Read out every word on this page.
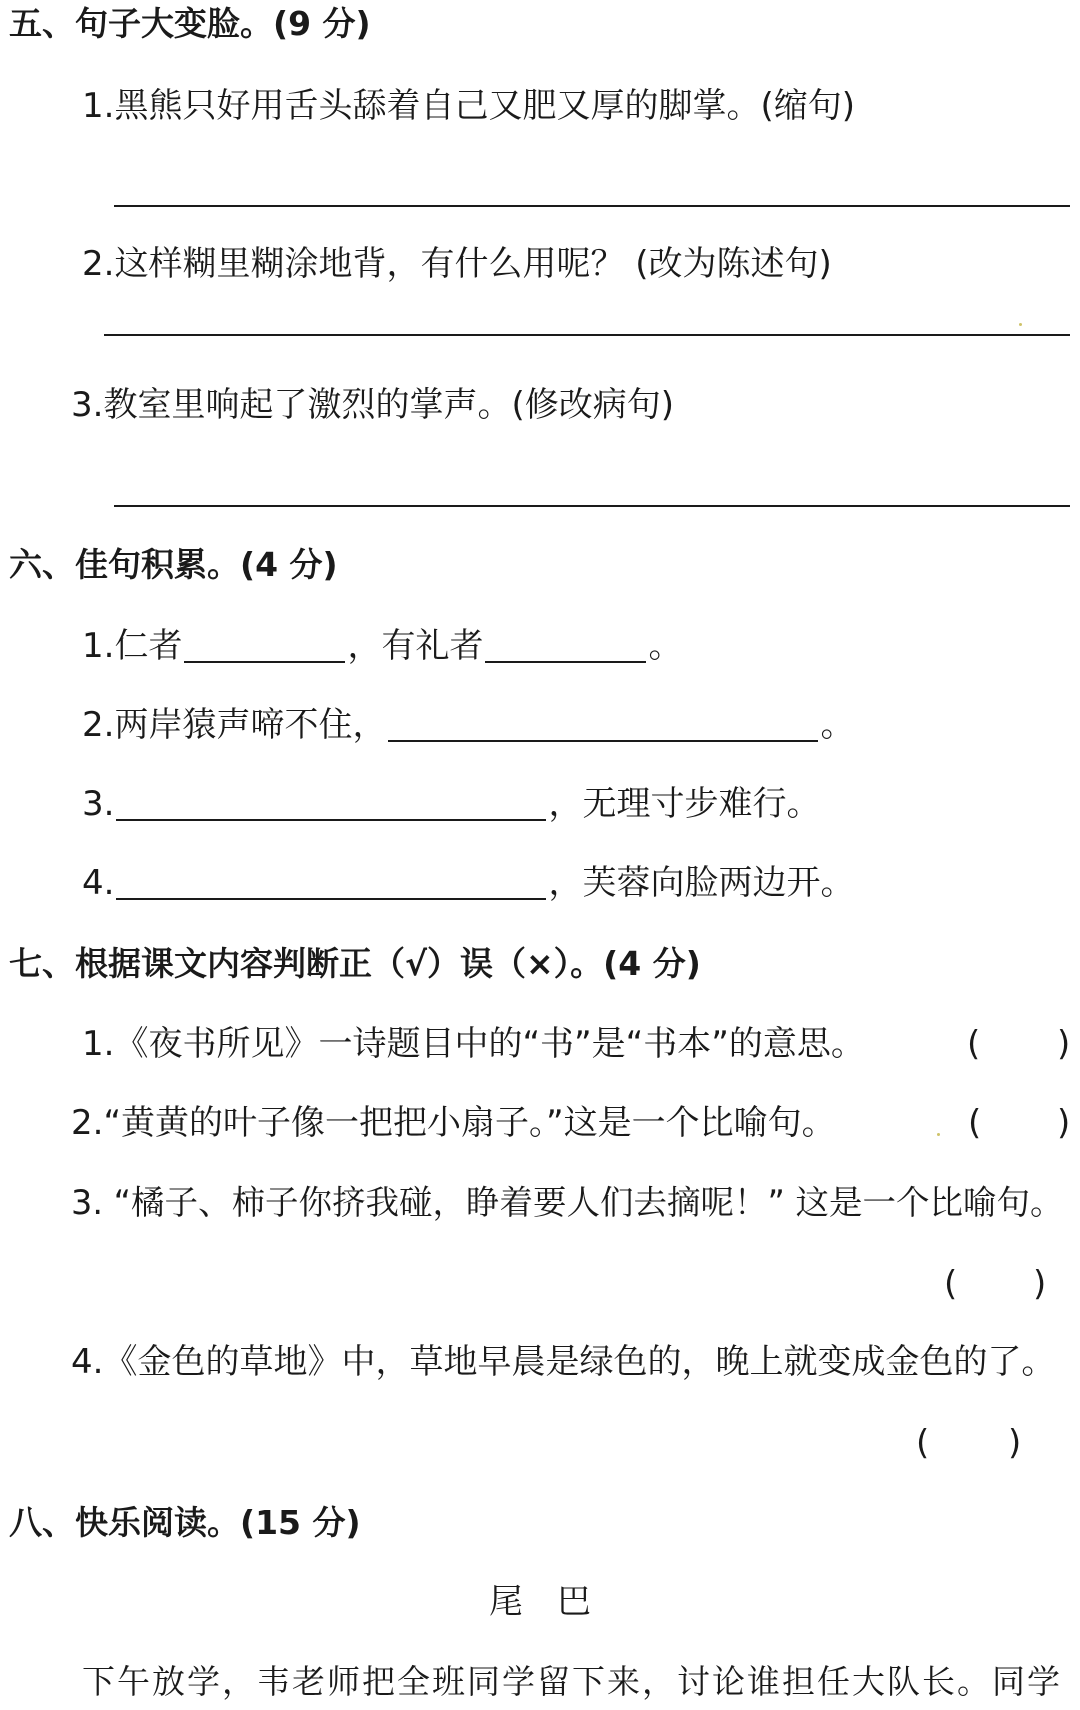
五、句子大变脸。(9 分)
1.黑熊只好用舌头舔着自己又肥又厚的脚掌。(缩句)
2.这样糊里糊涂地背，有什么用呢？ (改为陈述句)
3.教室里响起了激烈的掌声。(修改病句)
六、佳句积累。(4 分)
1.仁者	，有礼者	。
2.两岸猿声啼不住，	。
3.	，无理寸步难行。
4.	，芙蓉向脸两边开。
七、根据课文内容判断正（√）误（×）。(4 分)
1.《夜书所见》一诗题目中的“书”是“书本”的意思。	( )
2.“黄黄的叶子像一把把小扇子。”这是一个比喻句。	( )
3. “橘子、柿子你挤我碰，睁着要人们去摘呢！” 这是一个比喻句。
( )
4.《金色的草地》中，草地早晨是绿色的，晚上就变成金色的了。
( )
八、快乐阅读。(15 分)
尾　巴
下午放学，韦老师把全班同学留下来，讨论谁担任大队长。同学
